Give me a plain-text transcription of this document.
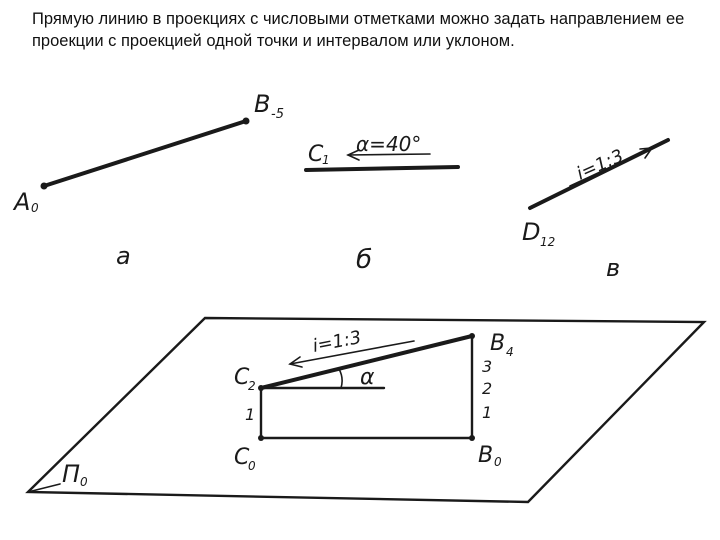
Прямую линию в проекциях с числовыми отметками можно задать направлением ее проекции с проекцией одной точки и интервалом или уклоном.

A 0
B -5
а
C
1
α=40°
б
i=1:3
D 12
в
П 0
i=1:3
α
C
2
C
0
B 4
B 0
1
3
2
1
